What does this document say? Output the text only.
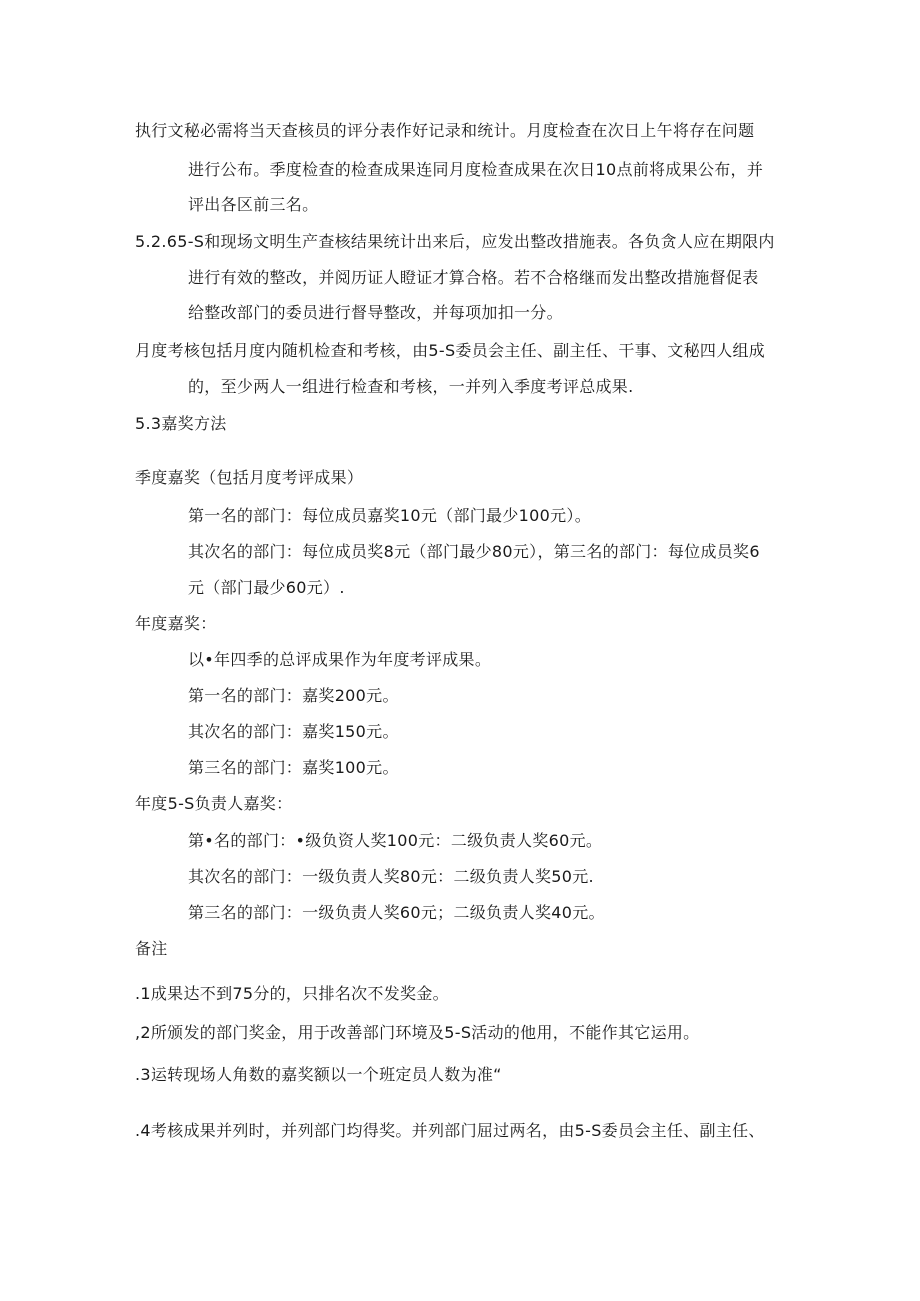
执行文秘必需将当天查核员的评分表作好记录和统计。月度检查在次日上午将存在问题
进行公布。季度检查的检查成果连同月度检查成果在次日10点前将成果公布，并
评出各区前三名。
5.2.65-S和现场文明生产查核结果统计出来后，应发出整改措施表。各负贪人应在期限内
进行有效的整改，并阅历证人瞪证才算合格。若不合格继而发出整改措施督促表
给整改部门的委员进行督导整改，并每项加扣一分。
月度考核包括月度内随机检查和考核，由5-S委员会主任、副主任、干事、文秘四人组成
的，至少两人一组进行检查和考核，一并列入季度考评总成果.
5.3嘉奖方法
季度嘉奖（包括月度考评成果）
第一名的部门：每位成员嘉奖10元（部门最少100元）。
其次名的部门：每位成员奖8元（部门最少80元），第三名的部门：每位成员奖6
元（部门最少60元）.
年度嘉奖：
以•年四季的总评成果作为年度考评成果。
第一名的部门：嘉奖200元。
其次名的部门：嘉奖150元。
第三名的部门：嘉奖100元。
年度5-S负责人嘉奖：
第•名的部门：•级负资人奖100元：二级负责人奖60元。
其次名的部门：一级负责人奖80元：二级负责人奖50元.
第三名的部门：一级负责人奖60元；二级负责人奖40元。
备注
.1成果达不到75分的，只排名次不发奖金。
,2所颁发的部门奖金，用于改善部门环境及5-S活动的他用，不能作其它运用。
.3运转现场人角数的嘉奖额以一个班定员人数为准“
.4考核成果并列时，并列部门均得奖。并列部门屈过两名，由5-S委员会主任、副主任、
